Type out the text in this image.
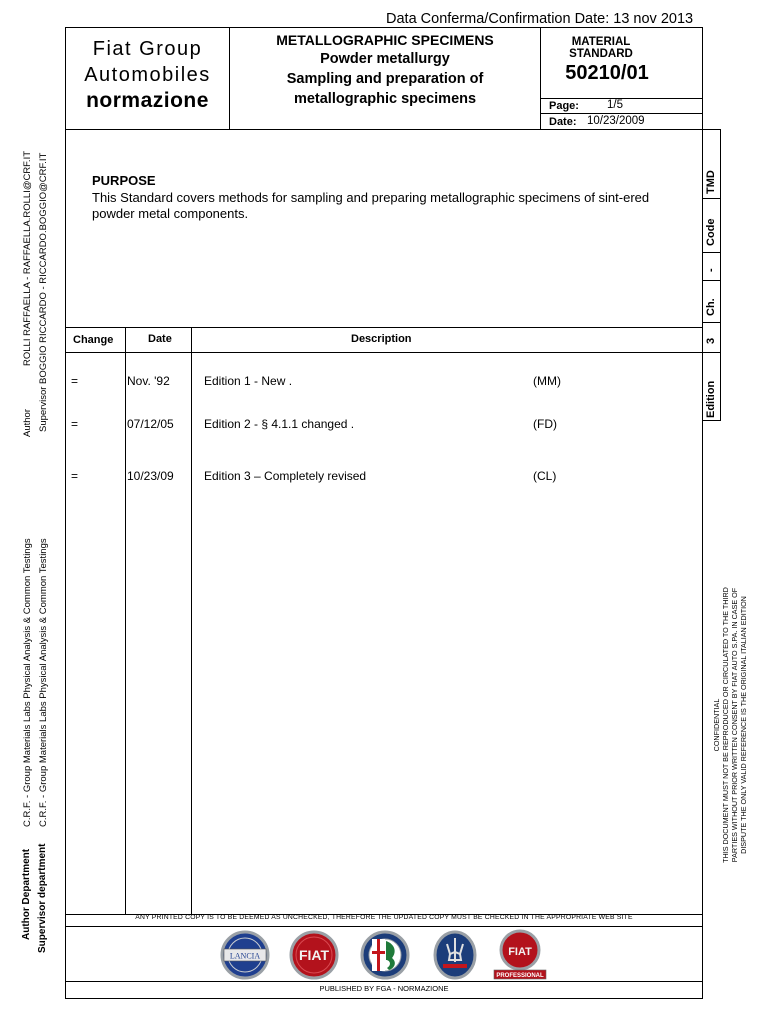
Data Conferma/Confirmation Date: 13 nov 2013
Fiat Group
Automobiles
normazione
METALLOGRAPHIC SPECIMENS
Powder metallurgy
Sampling and preparation of
metallographic specimens
MATERIAL STANDARD
50210/01
Page: 1/5
Date: 10/23/2009
TMD
Code
-
Ch.
3
Edition
PURPOSE
This Standard covers methods for sampling and preparing metallographic specimens of sint-ered powder metal components.
Change	Date	Description
=	Nov. '92	Edition 1 - New .	(MM)
=	07/12/05	Edition 2 - § 4.1.1 changed .	(FD)
=	10/23/09	Edition 3 – Completely revised	(CL)
ANY PRINTED COPY IS TO BE DEEMED AS UNCHECKED, THEREFORE THE UPDATED COPY MUST BE CHECKED IN THE APPROPRIATE WEB SITE
PUBLISHED BY FGA - NORMAZIONE
LANCIA	FIAT	FIAT
PROFESSIONAL
Author Supervisor
ROLLI RAFFAELLA - RAFFAELLA.ROLLI@CRF.IT BOGGIO RICCARDO - RICCARDO.BOGGIO@CRF.IT
C.R.F. - Group Materials Labs Physical Analysis & Common Testings C.R.F. - Group Materials Labs Physical Analysis & Common Testings
Author Department Supervisor department
CONFIDENTIAL THIS DOCUMENT MUST NOT BE REPRODUCED OR CIRCULATED TO THE THIRD PARTIES WITHOUT PRIOR WRITTEN CONSENT BY FIAT AUTO S.PA. IN CASE OF DISPUTE THE ONLY VALID REFERENCE IS THE ORIGINAL ITALIAN EDITION
